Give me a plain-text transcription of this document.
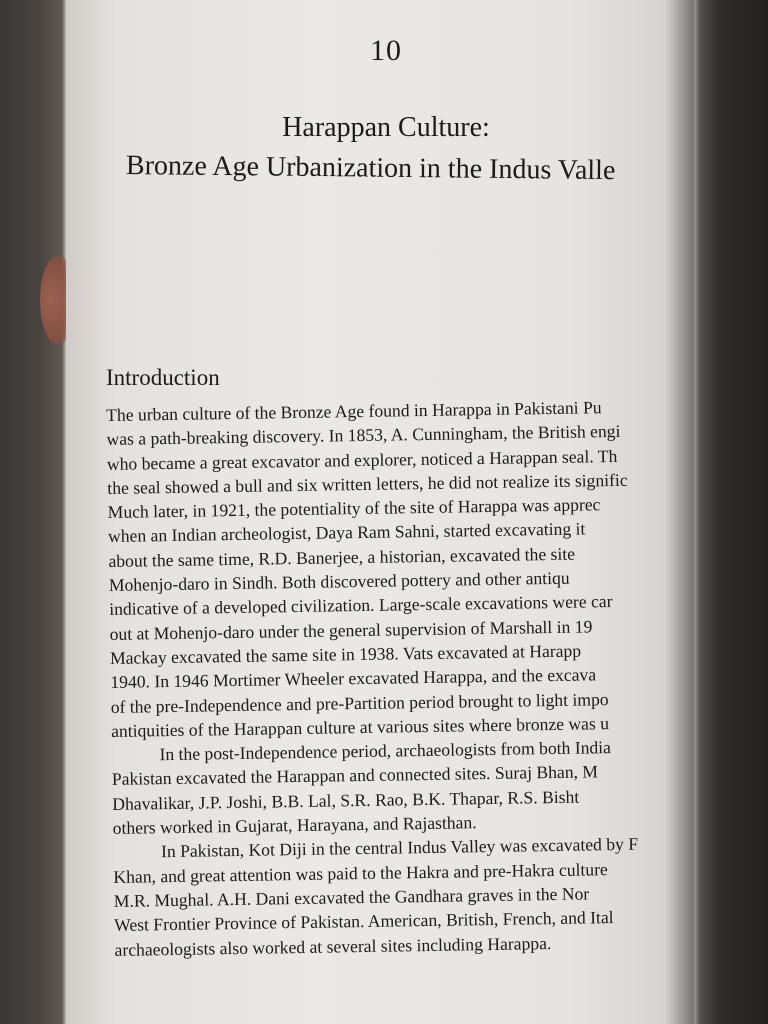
10
Harappan Culture:
Bronze Age Urbanization in the Indus Valle
Introduction
The urban culture of the Bronze Age found in Harappa in Pakistani Pu
was a path-breaking discovery. In 1853, A. Cunningham, the British engi
who became a great excavator and explorer, noticed a Harappan seal. Th
the seal showed a bull and six written letters, he did not realize its signific
Much later, in 1921, the potentiality of the site of Harappa was apprec
when an Indian archeologist, Daya Ram Sahni, started excavating it
about the same time, R.D. Banerjee, a historian, excavated the site
Mohenjo-daro in Sindh. Both discovered pottery and other antiqu
indicative of a developed civilization. Large-scale excavations were car
out at Mohenjo-daro under the general supervision of Marshall in 19
Mackay excavated the same site in 1938. Vats excavated at Harapp
1940. In 1946 Mortimer Wheeler excavated Harappa, and the excava
of the pre-Independence and pre-Partition period brought to light impo
antiquities of the Harappan culture at various sites where bronze was u
In the post-Independence period, archaeologists from both India
Pakistan excavated the Harappan and connected sites. Suraj Bhan, M
Dhavalikar, J.P. Joshi, B.B. Lal, S.R. Rao, B.K. Thapar, R.S. Bisht
others worked in Gujarat, Harayana, and Rajasthan.
In Pakistan, Kot Diji in the central Indus Valley was excavated by F
Khan, and great attention was paid to the Hakra and pre-Hakra culture
M.R. Mughal. A.H. Dani excavated the Gandhara graves in the Nor
West Frontier Province of Pakistan. American, British, French, and Ital
archaeologists also worked at several sites including Harappa.
